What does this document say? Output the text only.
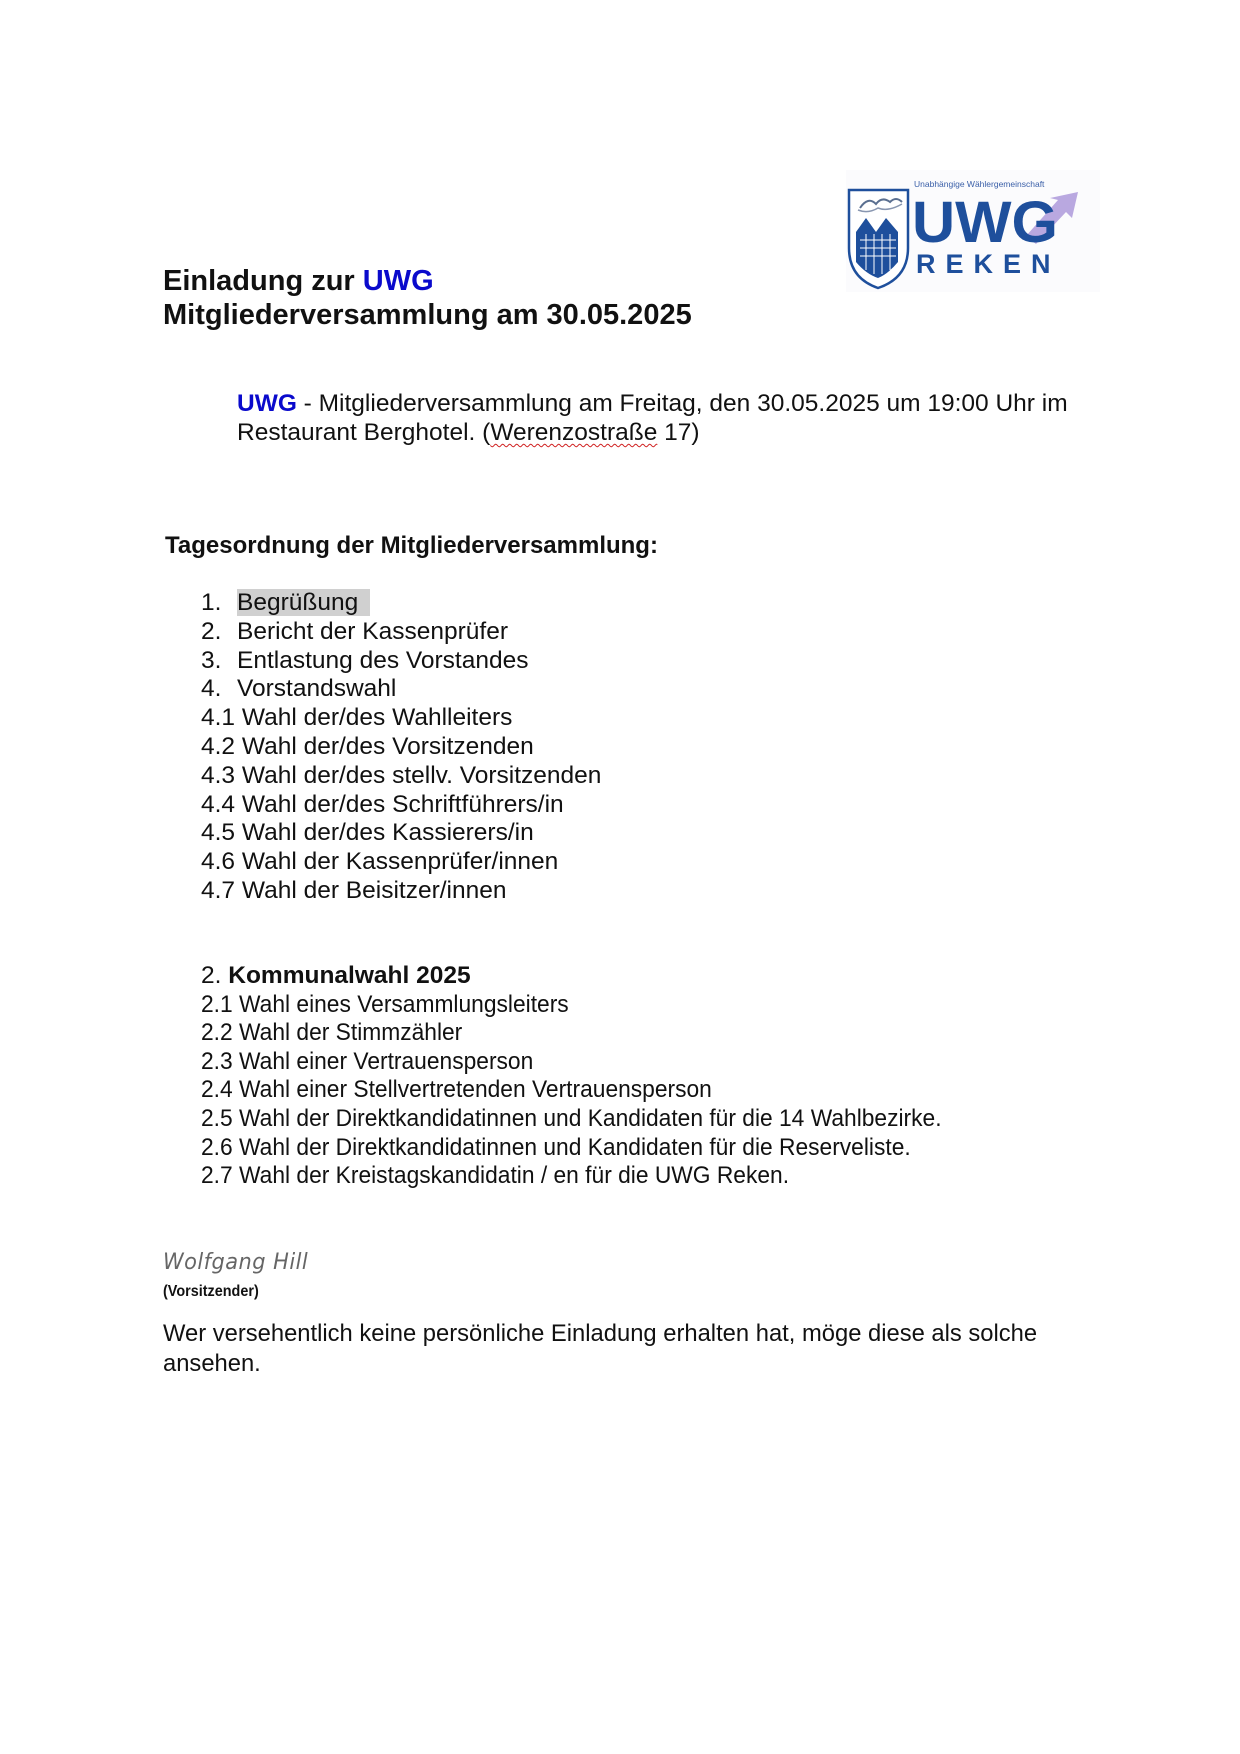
Unabhängige Wählergemeinschaft
UWG
REKEN
Einladung zur UWG
Mitgliederversammlung am 30.05.2025
UWG - Mitgliederversammlung am Freitag, den 30.05.2025 um 19:00 Uhr im
Restaurant Berghotel. (Werenzostraße 17)
Tagesordnung der Mitgliederversammlung:
1. Begrüßung
2. Bericht der Kassenprüfer
3. Entlastung des Vorstandes
4. Vorstandswahl
4.1 Wahl der/des Wahlleiters
4.2 Wahl der/des Vorsitzenden
4.3 Wahl der/des stellv. Vorsitzenden
4.4 Wahl der/des Schriftführers/in
4.5 Wahl der/des Kassierers/in
4.6 Wahl der Kassenprüfer/innen
4.7 Wahl der Beisitzer/innen
2. Kommunalwahl 2025
2.1 Wahl eines Versammlungsleiters
2.2 Wahl der Stimmzähler
2.3 Wahl einer Vertrauensperson
2.4 Wahl einer Stellvertretenden Vertrauensperson
2.5 Wahl der Direktkandidatinnen und Kandidaten für die 14 Wahlbezirke.
2.6 Wahl der Direktkandidatinnen und Kandidaten für die Reserveliste.
2.7 Wahl der Kreistagskandidatin / en für die UWG Reken.
Wolfgang Hill
(Vorsitzender)
Wer versehentlich keine persönliche Einladung erhalten hat, möge diese als solche ansehen.
